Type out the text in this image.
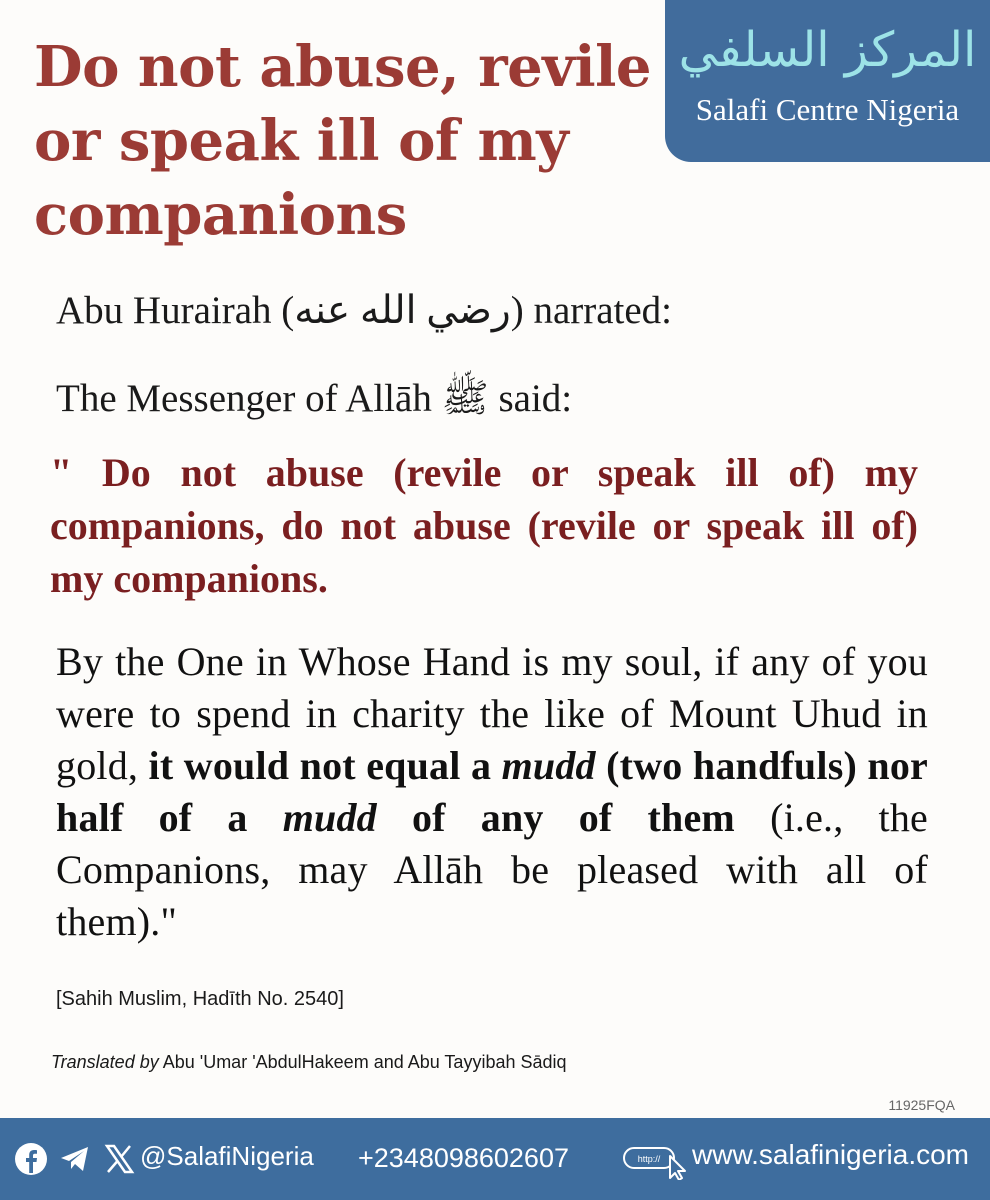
Do not abuse, revile or speak ill of my companions
المركز السلفي
Salafi Centre Nigeria
Abu Hurairah (رضي الله عنه) narrated:
The Messenger of Allāh ﷺ said:
" Do not abuse (revile or speak ill of) my companions, do not abuse (revile or speak ill of) my companions.
By the One in Whose Hand is my soul, if any of you were to spend in charity the like of Mount Uhud in gold, it would not equal a mudd (two handfuls) nor half of a mudd of any of them (i.e., the Companions, may Allāh be pleased with all of them)."
[Sahih Muslim, Hadīth No. 2540]
Translated by Abu 'Umar 'AbdulHakeem and Abu Tayyibah Sādiq
11925FQA
@SalafiNigeria +2348098602607	http:// www.salafinigeria.com
